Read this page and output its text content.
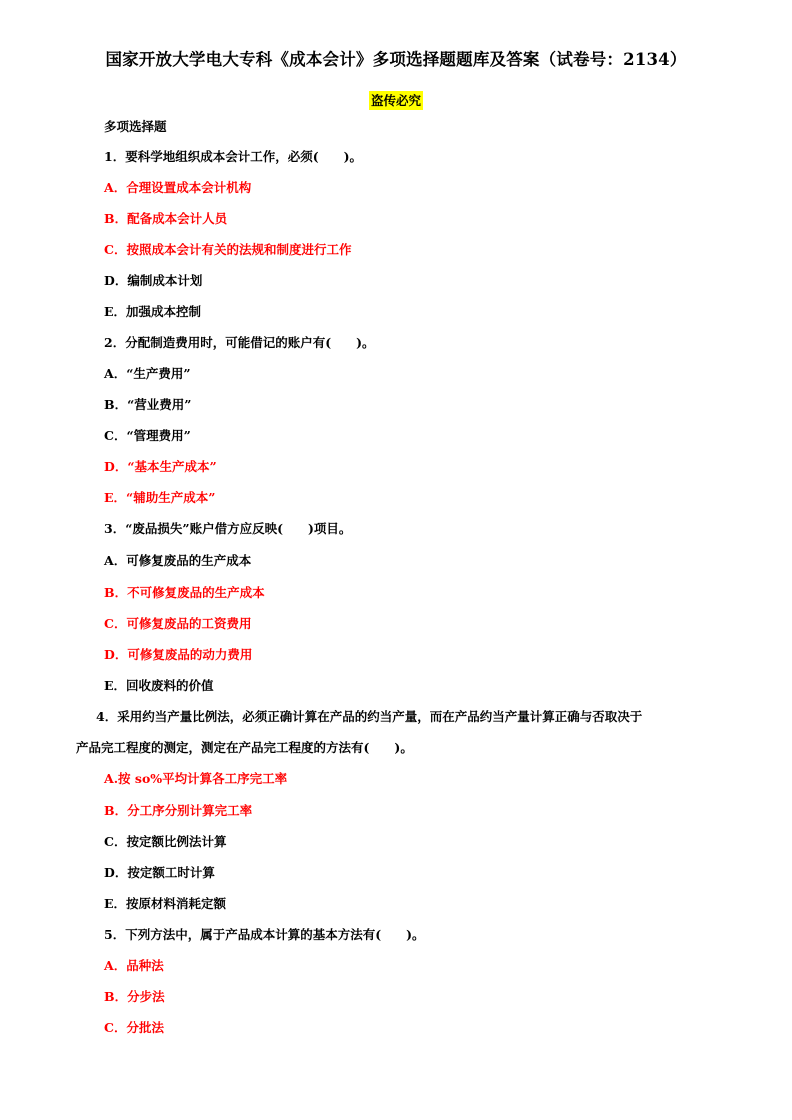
国家开放大学电大专科《成本会计》多项选择题题库及答案（试卷号：2134）
盗传必究
多项选择题
1．要科学地组织成本会计工作，必须(　　)。
A．合理设置成本会计机构
B．配备成本会计人员
C．按照成本会计有关的法规和制度进行工作
D．编制成本计划
E．加强成本控制
2．分配制造费用时，可能借记的账户有(　　)。
A．“生产费用”
B．“营业费用”
C．“管理费用”
D．“基本生产成本”
E．“辅助生产成本”
3．“废品损失”账户借方应反映(　　)项目。
A．可修复废品的生产成本
B．不可修复废品的生产成本
C．可修复废品的工资费用
D．可修复废品的动力费用
E．回收废料的价值
4．采用约当产量比例法，必须正确计算在产品的约当产量，而在产品约当产量计算正确与否取决于
产品完工程度的测定，测定在产品完工程度的方法有(　　)。
A.按 so%平均计算各工序完工率
B．分工序分别计算完工率
C．按定额比例法计算
D．按定额工时计算
E．按原材料消耗定额
5．下列方法中，属于产品成本计算的基本方法有(　　)。
A．品种法
B．分步法
C．分批法
